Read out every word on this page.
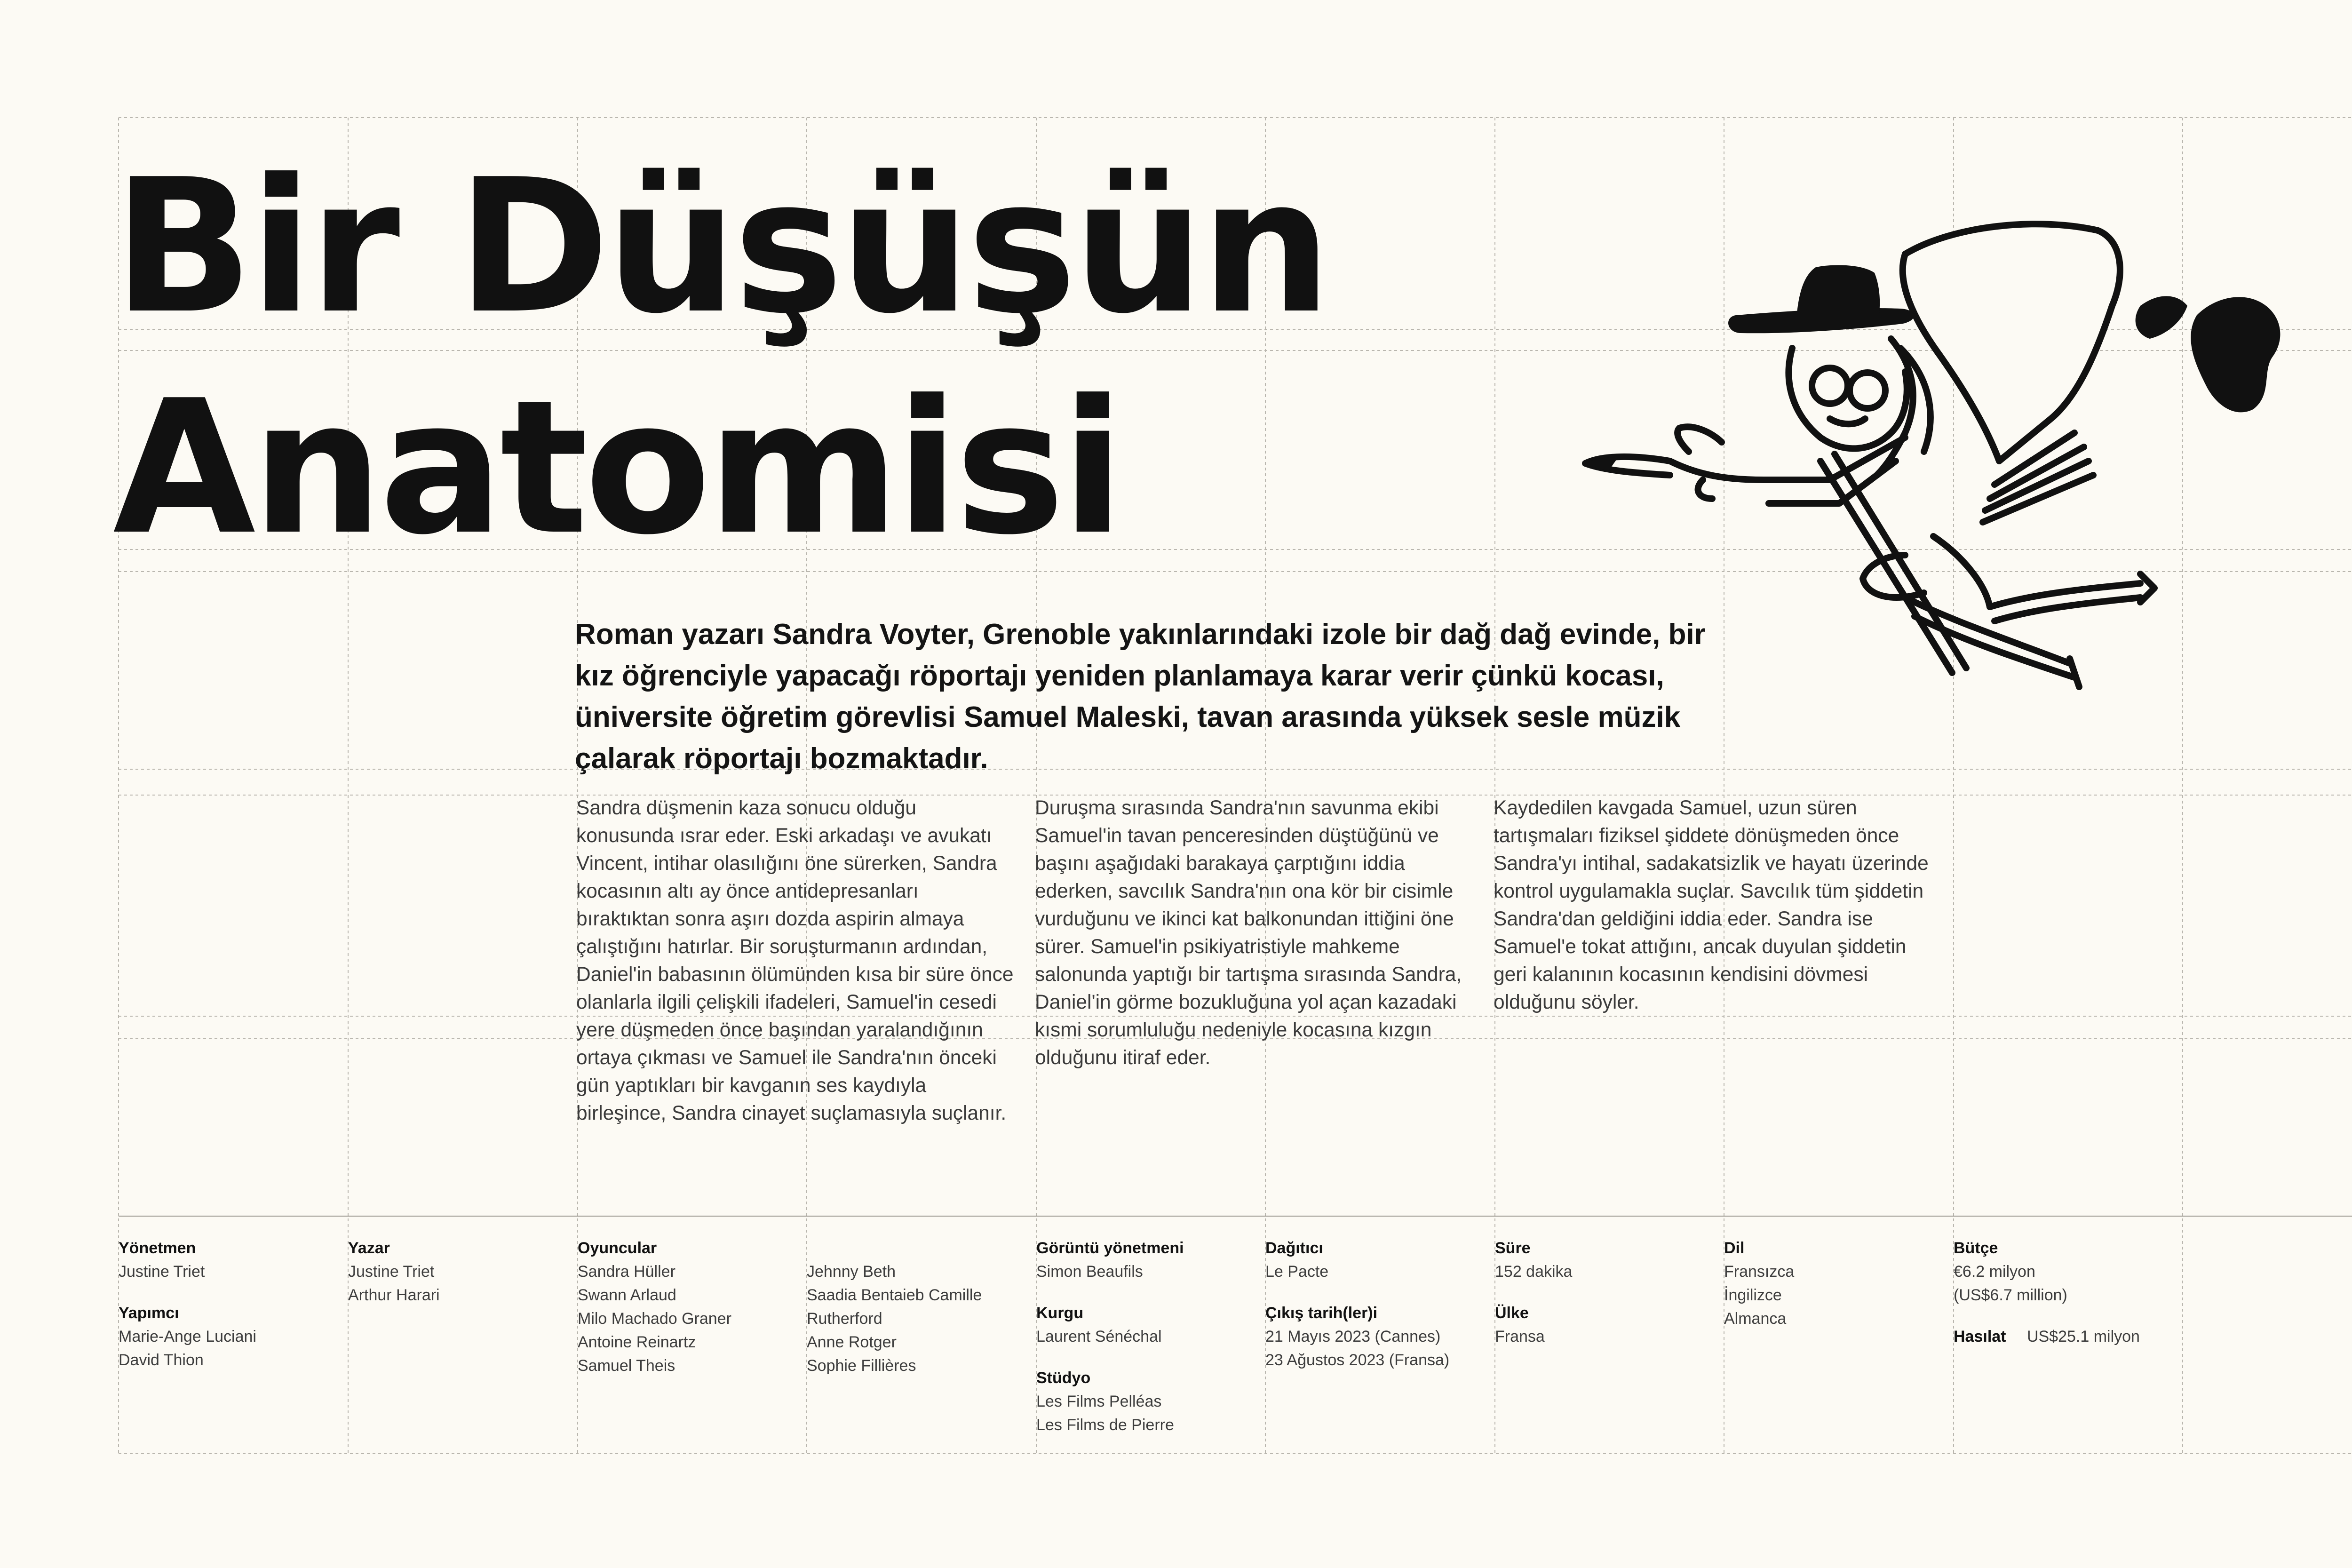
Bir Düşüşün
Anatomisi

Roman yazarı Sandra Voyter, Grenoble yakınlarındaki izole bir dağ dağ evinde, bir kız öğrenciyle yapacağı röportajı yeniden planlamaya karar verir çünkü kocası, üniversite öğretim görevlisi Samuel Maleski, tavan arasında yüksek sesle müzik çalarak röportajı bozmaktadır.

Sandra düşmenin kaza sonucu olduğu konusunda ısrar eder. Eski arkadaşı ve avukatı Vincent, intihar olasılığını öne sürerken, Sandra kocasının altı ay önce antidepresanları bıraktıktan sonra aşırı dozda aspirin almaya çalıştığını hatırlar. Bir soruşturmanın ardından, Daniel'in babasının ölümünden kısa bir süre önce olanlarla ilgili çelişkili ifadeleri, Samuel'in cesedi yere düşmeden önce başından yaralandığının ortaya çıkması ve Samuel ile Sandra'nın önceki gün yaptıkları bir kavganın ses kaydıyla birleşince, Sandra cinayet suçlamasıyla suçlanır.

Duruşma sırasında Sandra'nın savunma ekibi Samuel'in tavan penceresinden düştüğünü ve başını aşağıdaki barakaya çarptığını iddia ederken, savcılık Sandra'nın ona kör bir cisimle vurduğunu ve ikinci kat balkonundan ittiğini öne sürer. Samuel'in psikiyatristiyle mahkeme salonunda yaptığı bir tartışma sırasında Sandra, Daniel'in görme bozukluğuna yol açan kazadaki kısmi sorumluluğu nedeniyle kocasına kızgın olduğunu itiraf eder.

Kaydedilen kavgada Samuel, uzun süren tartışmaları fiziksel şiddete dönüşmeden önce Sandra'yı intihal, sadakatsizlik ve hayatı üzerinde kontrol uygulamakla suçlar. Savcılık tüm şiddetin Sandra'dan geldiğini iddia eder. Sandra ise Samuel'e tokat attığını, ancak duyulan şiddetin geri kalanının kocasının kendisini dövmesi olduğunu söyler.

Yönetmen

Justine Triet

Yapımcı

Marie-Ange Luciani

David Thion

Yazar

Justine Triet

Arthur Harari

Oyuncular

Sandra Hüller

Swann Arlaud

Milo Machado Graner

Antoine Reinartz

Samuel Theis

Jehnny Beth

Saadia Bentaieb Camille

Rutherford

Anne Rotger

Sophie Fillières

Görüntü yönetmeni

Simon Beaufils

Kurgu

Laurent Sénéchal

Stüdyo

Les Films Pelléas

Les Films de Pierre

Dağıtıcı

Le Pacte

Çıkış tarih(ler)i

21 Mayıs 2023 (Cannes)

23 Ağustos 2023 (Fransa)

Süre

152 dakika

Ülke

Fransa

Dil

Fransızca

İngilizce

Almanca

Bütçe

€6.2 milyon

(US$6.7 million)

Hasılat

US$25.1 milyon
